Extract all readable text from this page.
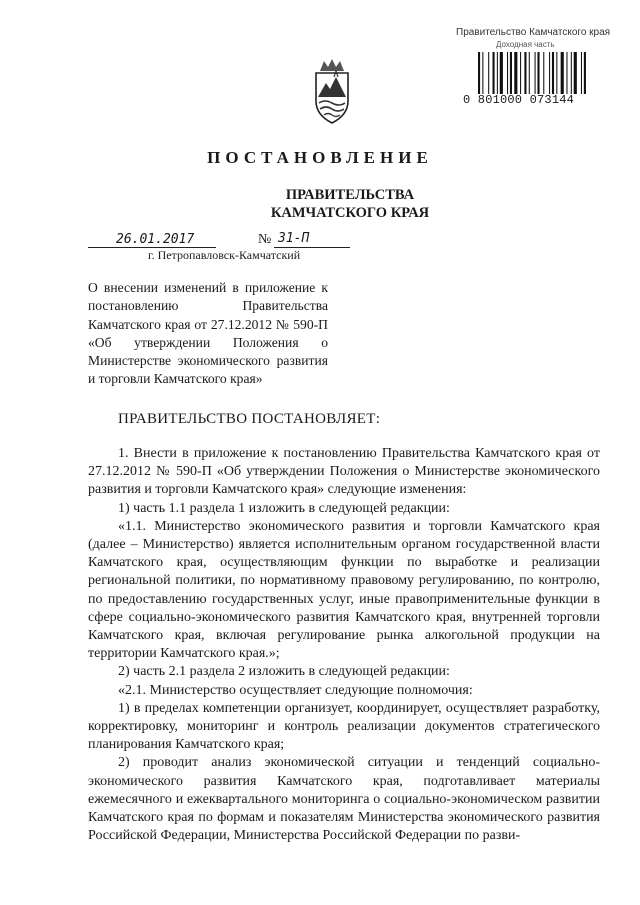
Правительство Камчатского края
Доходная часть
0 801000 073144
ПОСТАНОВЛЕНИЕ
ПРАВИТЕЛЬСТВА
КАМЧАТСКОГО КРАЯ
26.01.2017	№ 31-П
г. Петропавловск-Камчатский
О внесении изменений в приложение к постановлению Правительства Камчатского края от 27.12.2012 № 590-П «Об утверждении Положения о Министерстве экономического развития и торговли Камчатского края»
ПРАВИТЕЛЬСТВО ПОСТАНОВЛЯЕТ:

1. Внести в приложение к постановлению Правительства Камчатского края от 27.12.2012 № 590-П «Об утверждении Положения о Министерстве экономического развития и торговли Камчатского края» следующие изменения:

1) часть 1.1 раздела 1 изложить в следующей редакции:

«1.1. Министерство экономического развития и торговли Камчатского края (далее – Министерство) является исполнительным органом государственной власти Камчатского края, осуществляющим функции по выработке и реализации региональной политики, по нормативному правовому регулированию, по контролю, по предоставлению государственных услуг, иные правоприменительные функции в сфере социально-экономического развития Камчатского края, внутренней торговли Камчатского края, включая регулирование рынка алкогольной продукции на территории Камчатского края.»;

2) часть 2.1 раздела 2 изложить в следующей редакции:

«2.1. Министерство осуществляет следующие полномочия:

1) в пределах компетенции организует, координирует, осуществляет разработку, корректировку, мониторинг и контроль реализации документов стратегического планирования Камчатского края;

2) проводит анализ экономической ситуации и тенденций социально-экономического развития Камчатского края, подготавливает материалы ежемесячного и ежеквартального мониторинга о социально-экономическом развитии Камчатского края по формам и показателям Министерства экономического развития Российской Федерации, Министерства Российской Федерации по разви-
